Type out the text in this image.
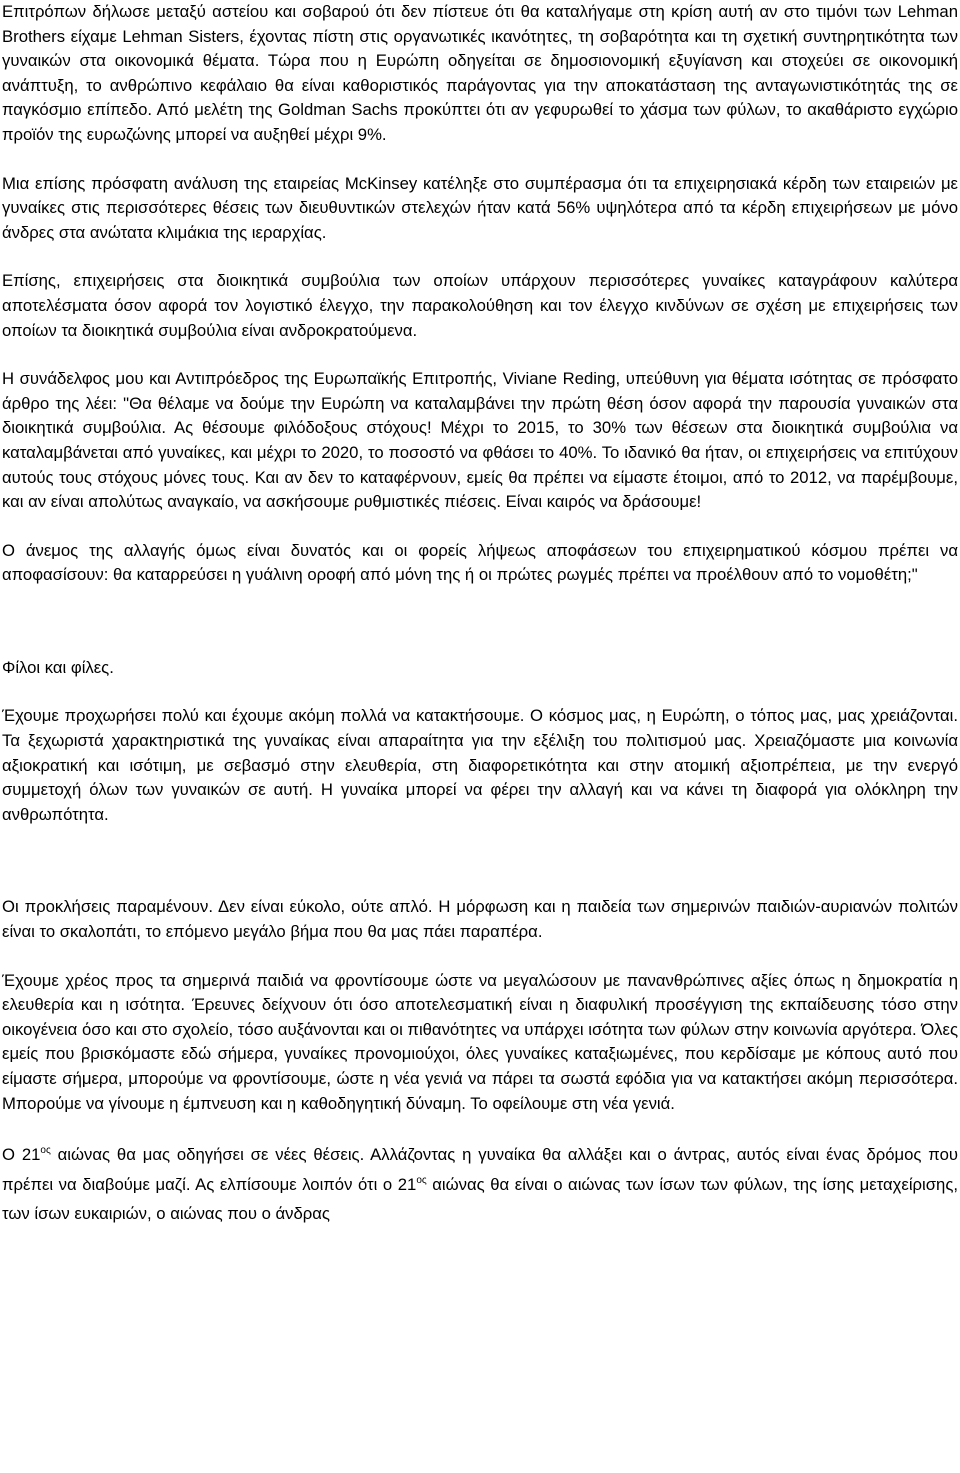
Επιτρόπων δήλωσε μεταξύ αστείου και σοβαρού ότι δεν πίστευε ότι θα καταλήγαμε στη κρίση αυτή αν στο τιμόνι των Lehman Brothers είχαμε Lehman Sisters, έχοντας πίστη στις οργανωτικές ικανότητες, τη σοβαρότητα και τη σχετική συντηρητικότητα των γυναικών στα οικονομικά θέματα. Τώρα που η Ευρώπη οδηγείται σε δημοσιονομική εξυγίανση και στοχεύει σε οικονομική ανάπτυξη, το ανθρώπινο κεφάλαιο θα είναι καθοριστικός παράγοντας για την αποκατάσταση της ανταγωνιστικότητάς της σε παγκόσμιο επίπεδο. Από μελέτη της Goldman Sachs προκύπτει ότι αν γεφυρωθεί το χάσμα των φύλων, το ακαθάριστο εγχώριο προϊόν της ευρωζώνης μπορεί να αυξηθεί μέχρι 9%.

Μια επίσης πρόσφατη ανάλυση της εταιρείας McKinsey κατέληξε στο συμπέρασμα ότι τα επιχειρησιακά κέρδη των εταιρειών με γυναίκες στις περισσότερες θέσεις των διευθυντικών στελεχών ήταν κατά 56% υψηλότερα από τα κέρδη επιχειρήσεων με μόνο άνδρες στα ανώτατα κλιμάκια της ιεραρχίας.

Επίσης, επιχειρήσεις στα διοικητικά συμβούλια των οποίων υπάρχουν περισσότερες γυναίκες καταγράφουν καλύτερα αποτελέσματα όσον αφορά τον λογιστικό έλεγχο, την παρακολούθηση και τον έλεγχο κινδύνων σε σχέση με επιχειρήσεις των οποίων τα διοικητικά συμβούλια είναι ανδροκρατούμενα.

Η συνάδελφος μου και Αντιπρόεδρος της Ευρωπαϊκής Επιτροπής, Viviane Reding, υπεύθυνη για θέματα ισότητας σε πρόσφατο άρθρο της λέει: "Θα θέλαμε να δούμε την Ευρώπη να καταλαμβάνει την πρώτη θέση όσον αφορά την παρουσία γυναικών στα διοικητικά συμβούλια. Ας θέσουμε φιλόδοξους στόχους! Μέχρι το 2015, το 30% των θέσεων στα διοικητικά συμβούλια να καταλαμβάνεται από γυναίκες, και μέχρι το 2020, το ποσοστό να φθάσει το 40%. Το ιδανικό θα ήταν, οι επιχειρήσεις να επιτύχουν αυτούς τους στόχους μόνες τους. Και αν δεν το καταφέρνουν, εμείς θα πρέπει να είμαστε έτοιμοι, από το 2012, να παρέμβουμε, και αν είναι απολύτως αναγκαίο, να ασκήσουμε ρυθμιστικές πιέσεις. Είναι καιρός να δράσουμε!

Ο άνεμος της αλλαγής όμως είναι δυνατός και οι φορείς λήψεως αποφάσεων του επιχειρηματικού κόσμου πρέπει να αποφασίσουν: θα καταρρεύσει η γυάλινη οροφή από μόνη της ή οι πρώτες ρωγμές πρέπει να προέλθουν από το νομοθέτη;"

Φίλοι και φίλες.

Έχουμε προχωρήσει πολύ και έχουμε ακόμη πολλά να κατακτήσουμε. Ο κόσμος μας, η Ευρώπη, ο τόπος μας, μας χρειάζονται. Τα ξεχωριστά χαρακτηριστικά της γυναίκας είναι απαραίτητα για την εξέλιξη του πολιτισμού μας. Χρειαζόμαστε μια κοινωνία αξιοκρατική και ισότιμη, με σεβασμό στην ελευθερία, στη διαφορετικότητα και στην ατομική αξιοπρέπεια, με την ενεργό συμμετοχή όλων των γυναικών σε αυτή. Η γυναίκα μπορεί να φέρει την αλλαγή και να κάνει τη διαφορά για ολόκληρη την ανθρωπότητα.

Οι προκλήσεις παραμένουν. Δεν είναι εύκολο, ούτε απλό. Η μόρφωση και η παιδεία των σημερινών παιδιών-αυριανών πολιτών είναι το σκαλοπάτι, το επόμενο μεγάλο βήμα που θα μας πάει παραπέρα.

Έχουμε χρέος προς τα σημερινά παιδιά να φροντίσουμε ώστε να μεγαλώσουν με πανανθρώπινες αξίες όπως η δημοκρατία η ελευθερία και η ισότητα. Έρευνες δείχνουν ότι όσο αποτελεσματική είναι η διαφυλική προσέγγιση της εκπαίδευσης τόσο στην οικογένεια όσο και στο σχολείο, τόσο αυξάνονται και οι πιθανότητες να υπάρχει ισότητα των φύλων στην κοινωνία αργότερα. Όλες εμείς που βρισκόμαστε εδώ σήμερα, γυναίκες προνομιούχοι, όλες γυναίκες καταξιωμένες, που κερδίσαμε με κόπους αυτό που είμαστε σήμερα, μπορούμε να φροντίσουμε, ώστε η νέα γενιά να πάρει τα σωστά εφόδια για να κατακτήσει ακόμη περισσότερα. Μπορούμε να γίνουμε η έμπνευση και η καθοδηγητική δύναμη. Το οφείλουμε στη νέα γενιά.

Ο $21^{o\varsigma}$ αιώνας θα μας οδηγήσει σε νέες θέσεις. Αλλάζοντας η γυναίκα θα αλλάξει και ο άντρας, αυτός είναι ένας δρόμος που πρέπει να διαβούμε μαζί. Ας ελπίσουμε λοιπόν ότι ο $21^{o\varsigma}$ αιώνας θα είναι ο αιώνας των ίσων των φύλων, της ίσης μεταχείρισης, των ίσων ευκαιριών, ο αιώνας που ο άνδρας
